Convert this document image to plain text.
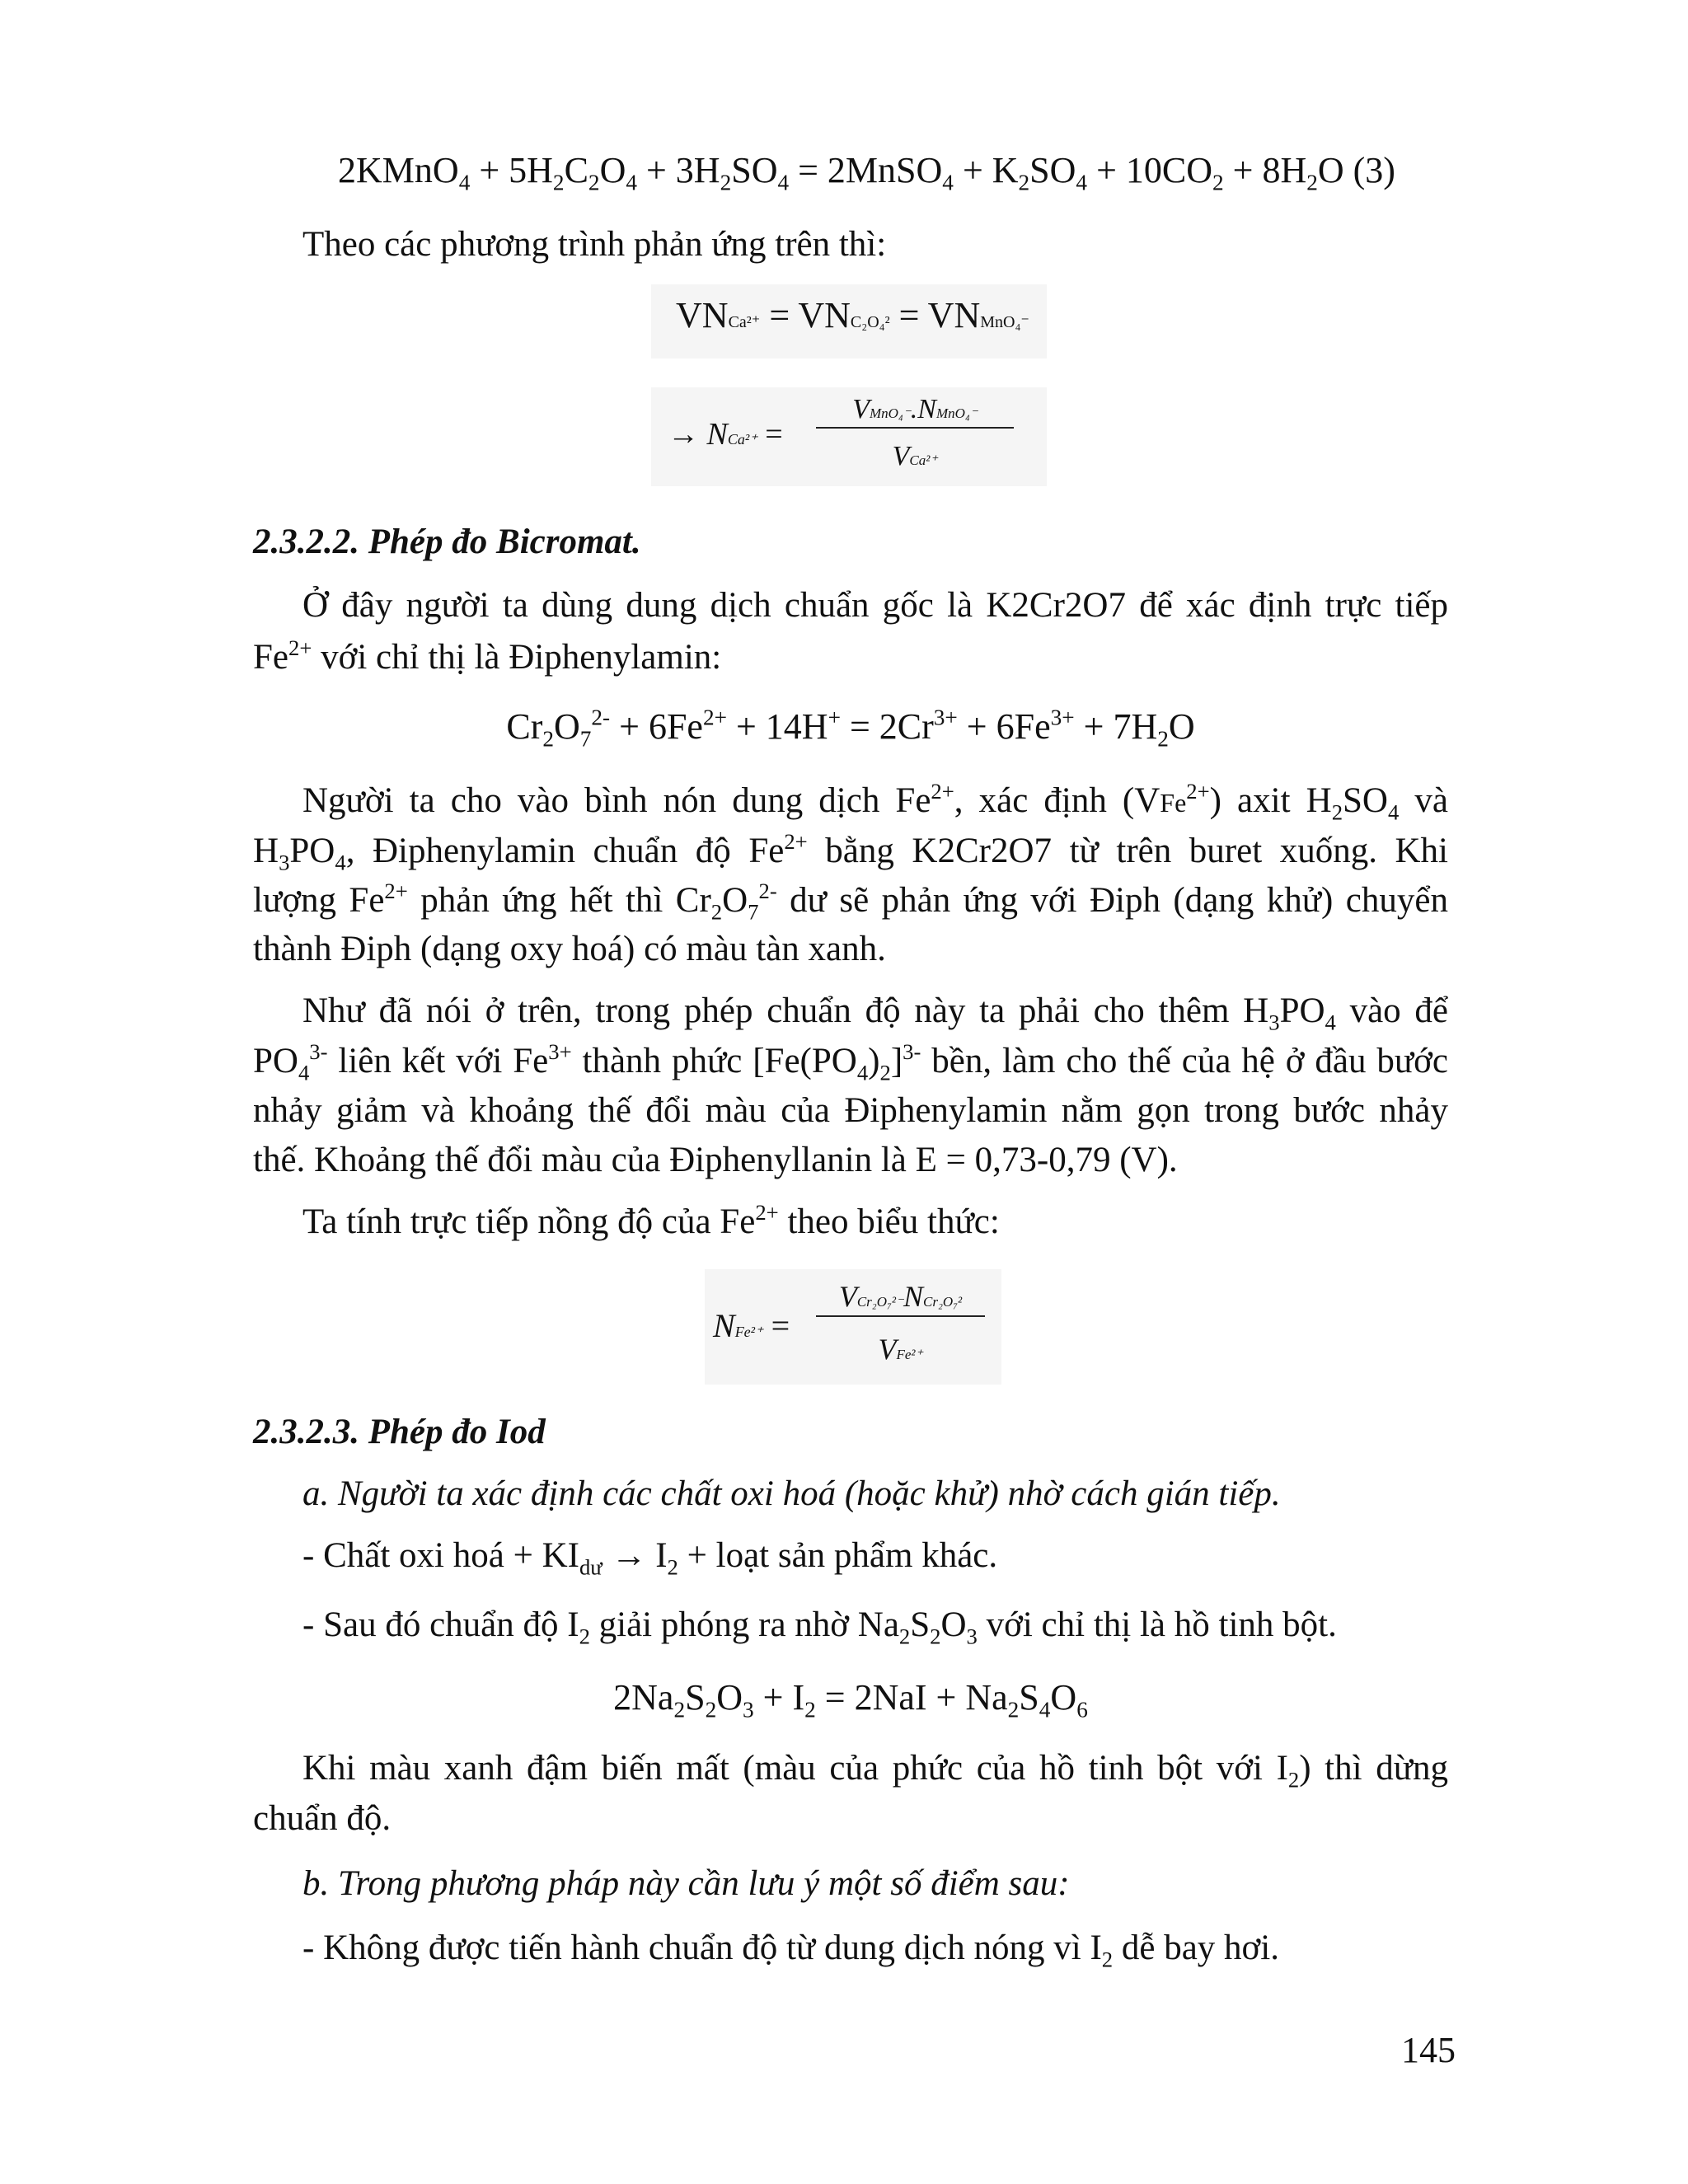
2KMnO$_4$ + $5H_2C_2O_4 + 3H_2SO_4$ = 2MnSO$_4$ + $K_2SO_4 + 10CO_2 + 8H_2O$ (3)
Theo các phương trình phản ứng trên thì:
VNCa²⁺ = VNC₂O₄² = VNMnO₄⁻
→ NCa²⁺ =
VMnO₄⁻.NMnO₄⁻
VCa²⁺
2.3.2.2. Phép đo Bicromat.
Ở đây người ta dùng dung dịch chuẩn gốc là K2Cr2O7 để xác định trực tiếp
$Fe^{2+}$ với chỉ thị là Điphenylamin:
$Cr_2O_7^{2-} + 6Fe^{2+} + 14H^+ = 2Cr^{3+} + 6Fe^{3+} + 7H_2O$
Người ta cho vào bình nón dung dịch $Fe^{2+}$, xác định (VFe$^{2+}$) axit $H_2SO_4$ và
$H_3PO_4$, Điphenylamin chuẩn độ $Fe^{2+}$ bằng K2Cr2O7 từ trên buret xuống. Khi
lượng $Fe^{2+}$ phản ứng hết thì $Cr_2O_7^{2-}$ dư sẽ phản ứng với Điph (dạng khử) chuyển
thành Điph (dạng oxy hoá) có màu tàn xanh.
Như đã nói ở trên, trong phép chuẩn độ này ta phải cho thêm $H_3PO_4$ vào để
$PO_4^{3-}$ liên kết với $Fe^{3+}$ thành phức $[Fe(PO_4)_2]^{3-}$ bền, làm cho thế của hệ ở đầu bước
nhảy giảm và khoảng thế đổi màu của Điphenylamin nằm gọn trong bước nhảy
thế. Khoảng thế đổi màu của Điphenyllanin là E = 0,73-0,79 (V).
Ta tính trực tiếp nồng độ của $Fe^{2+}$ theo biểu thức:
NFe²⁺ =
VCr₂O₇²⁻NCr₂O₇²
VFe²⁺
2.3.2.3. Phép đo Iod
a. Người ta xác định các chất oxi hoá (hoặc khử) nhờ cách gián tiếp.
- Chất oxi hoá + $KI_{dư} \to I_2$ + loạt sản phẩm khác.
- Sau đó chuẩn độ $I_2$ giải phóng ra nhờ $Na_2S_2O_3$ với chỉ thị là hồ tinh bột.
$2Na_2S_2O_3 + I_2 = 2NaI + Na_2S_4O_6$
Khi màu xanh đậm biến mất (màu của phức của hồ tinh bột với $I_2$) thì dừng
chuẩn độ.
b. Trong phương pháp này cần lưu ý một số điểm sau:
- Không được tiến hành chuẩn độ từ dung dịch nóng vì $I_2$ dễ bay hơi.
145
